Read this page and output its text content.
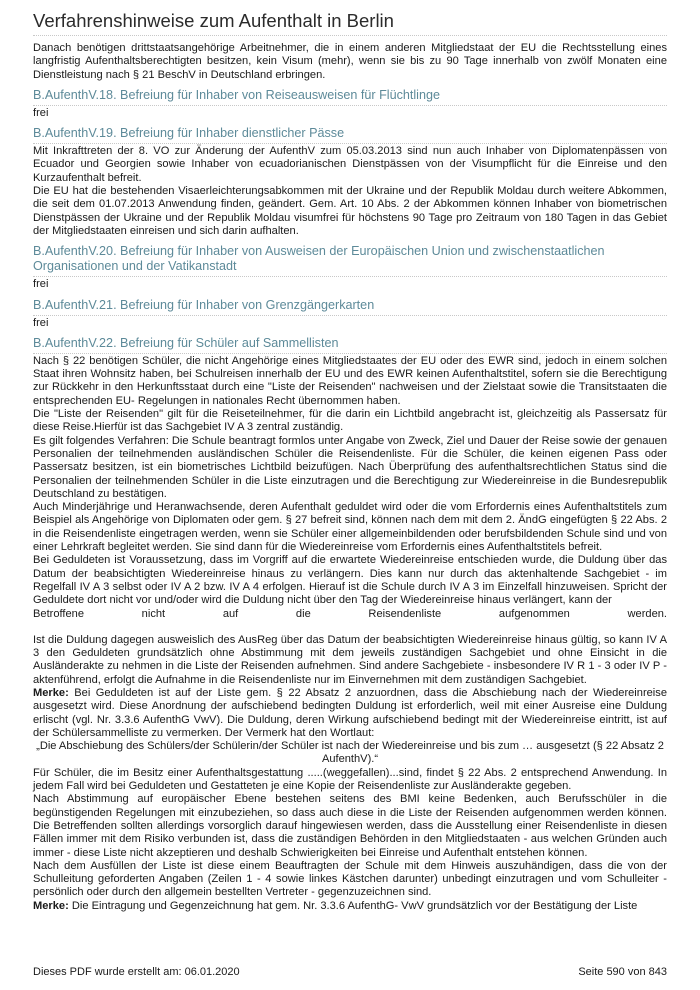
Verfahrenshinweise zum Aufenthalt in Berlin

Danach benötigen drittstaatsangehörige Arbeitnehmer, die in einem anderen Mitgliedstaat der EU die Rechtsstellung eines langfristig Aufenthaltsberechtigten besitzen, kein Visum (mehr), wenn sie bis zu 90 Tage innerhalb von zwölf Monaten eine Dienstleistung nach § 21 BeschV in Deutschland erbringen.

B.AufenthV.18. Befreiung für Inhaber von Reiseausweisen für Flüchtlinge

frei

B.AufenthV.19. Befreiung für Inhaber dienstlicher Pässe

Mit Inkrafttreten der 8. VO zur Änderung der AufenthV zum 05.03.2013 sind nun auch Inhaber von Diplomatenpässen von Ecuador und Georgien sowie Inhaber von ecuadorianischen Dienstpässen von der Visumpflicht für die Einreise und den Kurzaufenthalt befreit.

Die EU hat die bestehenden Visaerleichterungsabkommen mit der Ukraine und der Republik Moldau durch weitere Abkommen, die seit dem 01.07.2013 Anwendung finden, geändert. Gem. Art. 10 Abs. 2 der Abkommen können Inhaber von biometrischen Dienstpässen der Ukraine und der Republik Moldau visumfrei für höchstens 90 Tage pro Zeitraum von 180 Tagen in das Gebiet der Mitgliedstaaten einreisen und sich darin aufhalten.

B.AufenthV.20. Befreiung für Inhaber von Ausweisen der Europäischen Union und zwischenstaatlichen Organisationen und der Vatikanstadt

frei

B.AufenthV.21. Befreiung für Inhaber von Grenzgängerkarten

frei

B.AufenthV.22. Befreiung für Schüler auf Sammellisten

Nach § 22 benötigen Schüler, die nicht Angehörige eines Mitgliedstaates der EU oder des EWR sind, jedoch in einem solchen Staat ihren Wohnsitz haben, bei Schulreisen innerhalb der EU und des EWR keinen Aufenthaltstitel, sofern sie die Berechtigung zur Rückkehr in den Herkunftsstaat durch eine "Liste der Reisenden" nachweisen und der Zielstaat sowie die Transitstaaten die entsprechenden EU- Regelungen in nationales Recht übernommen haben.

Die "Liste der Reisenden" gilt für die Reiseteilnehmer, für die darin ein Lichtbild angebracht ist, gleichzeitig als Passersatz für diese Reise.Hierfür ist das Sachgebiet IV A 3 zentral zuständig.

Es gilt folgendes Verfahren: Die Schule beantragt formlos unter Angabe von Zweck, Ziel und Dauer der Reise sowie der genauen Personalien der teilnehmenden ausländischen Schüler die Reisendenliste. Für die Schüler, die keinen eigenen Pass oder Passersatz besitzen, ist ein biometrisches Lichtbild beizufügen. Nach Überprüfung des aufenthaltsrechtlichen Status sind die Personalien der teilnehmenden Schüler in die Liste einzutragen und die Berechtigung zur Wiedereinreise in die Bundesrepublik Deutschland zu bestätigen.

Auch Minderjährige und Heranwachsende, deren Aufenthalt geduldet wird oder die vom Erfordernis eines Aufenthaltstitels zum Beispiel als Angehörige von Diplomaten oder gem. § 27 befreit sind, können nach dem mit dem 2. ÄndG eingefügten § 22 Abs. 2 in die Reisendenliste eingetragen werden, wenn sie Schüler einer allgemeinbildenden oder berufsbildenden Schule sind und von einer Lehrkraft begleitet werden. Sie sind dann für die Wiedereinreise vom Erfordernis eines Aufenthaltstitels befreit.

Bei Geduldeten ist Voraussetzung, dass im Vorgriff auf die erwartete Wiedereinreise entschieden wurde, die Duldung über das Datum der beabsichtigten Wiedereinreise hinaus zu verlängern. Dies kann nur durch das aktenhaltende Sachgebiet - im Regelfall IV A 3 selbst oder IV A 2 bzw. IV A 4 erfolgen. Hierauf ist die Schule durch IV A 3 im Einzelfall hinzuweisen. Spricht der Geduldete dort nicht vor und/oder wird die Duldung nicht über den Tag der Wiedereinreise hinaus verlängert, kann der

Betroffene nicht auf die Reisendenliste aufgenommen werden.

Ist die Duldung dagegen ausweislich des AusReg über das Datum der beabsichtigten Wiedereinreise hinaus gültig, so kann IV A 3 den Geduldeten grundsätzlich ohne Abstimmung mit dem jeweils zuständigen Sachgebiet und ohne Einsicht in die Ausländerakte zu nehmen in die Liste der Reisenden aufnehmen. Sind andere Sachgebiete - insbesondere IV R 1 - 3 oder IV P - aktenführend, erfolgt die Aufnahme in die Reisendenliste nur im Einvernehmen mit dem zuständigen Sachgebiet.

Merke: Bei Geduldeten ist auf der Liste gem. § 22 Absatz 2 anzuordnen, dass die Abschiebung nach der Wiedereinreise ausgesetzt wird. Diese Anordnung der aufschiebend bedingten Duldung ist erforderlich, weil mit einer Ausreise eine Duldung erlischt (vgl. Nr. 3.3.6 AufenthG VwV). Die Duldung, deren Wirkung aufschiebend bedingt mit der Wiedereinreise eintritt, ist auf der Schülersammelliste zu vermerken. Der Vermerk hat den Wortlaut:

„Die Abschiebung des Schülers/der Schülerin/der Schüler ist nach der Wiedereinreise und bis zum … ausgesetzt (§ 22 Absatz 2 AufenthV).“

Für Schüler, die im Besitz einer Aufenthaltsgestattung .....(weggefallen)...sind, findet § 22 Abs. 2 entsprechend Anwendung. In jedem Fall wird bei Geduldeten und Gestatteten je eine Kopie der Reisendenliste zur Ausländerakte gegeben.

Nach Abstimmung auf europäischer Ebene bestehen seitens des BMI keine Bedenken, auch Berufsschüler in die begünstigenden Regelungen mit einzubeziehen, so dass auch diese in die Liste der Reisenden aufgenommen werden können. Die Betreffenden sollten allerdings vorsorglich darauf hingewiesen werden, dass die Ausstellung einer Reisendenliste in diesen Fällen immer mit dem Risiko verbunden ist, dass die zuständigen Behörden in den Mitgliedstaaten - aus welchen Gründen auch immer - diese Liste nicht akzeptieren und deshalb Schwierigkeiten bei Einreise und Aufenthalt entstehen können.

Nach dem Ausfüllen der Liste ist diese einem Beauftragten der Schule mit dem Hinweis auszuhändigen, dass die von der Schulleitung geforderten Angaben (Zeilen 1 - 4 sowie linkes Kästchen darunter) unbedingt einzutragen und vom Schulleiter - persönlich oder durch den allgemein bestellten Vertreter - gegenzuzeichnen sind.

Merke: Die Eintragung und Gegenzeichnung hat gem. Nr. 3.3.6 AufenthG- VwV grundsätzlich vor der Bestätigung der Liste

Dieses PDF wurde erstellt am: 06.01.2020	Seite 590 von 843
